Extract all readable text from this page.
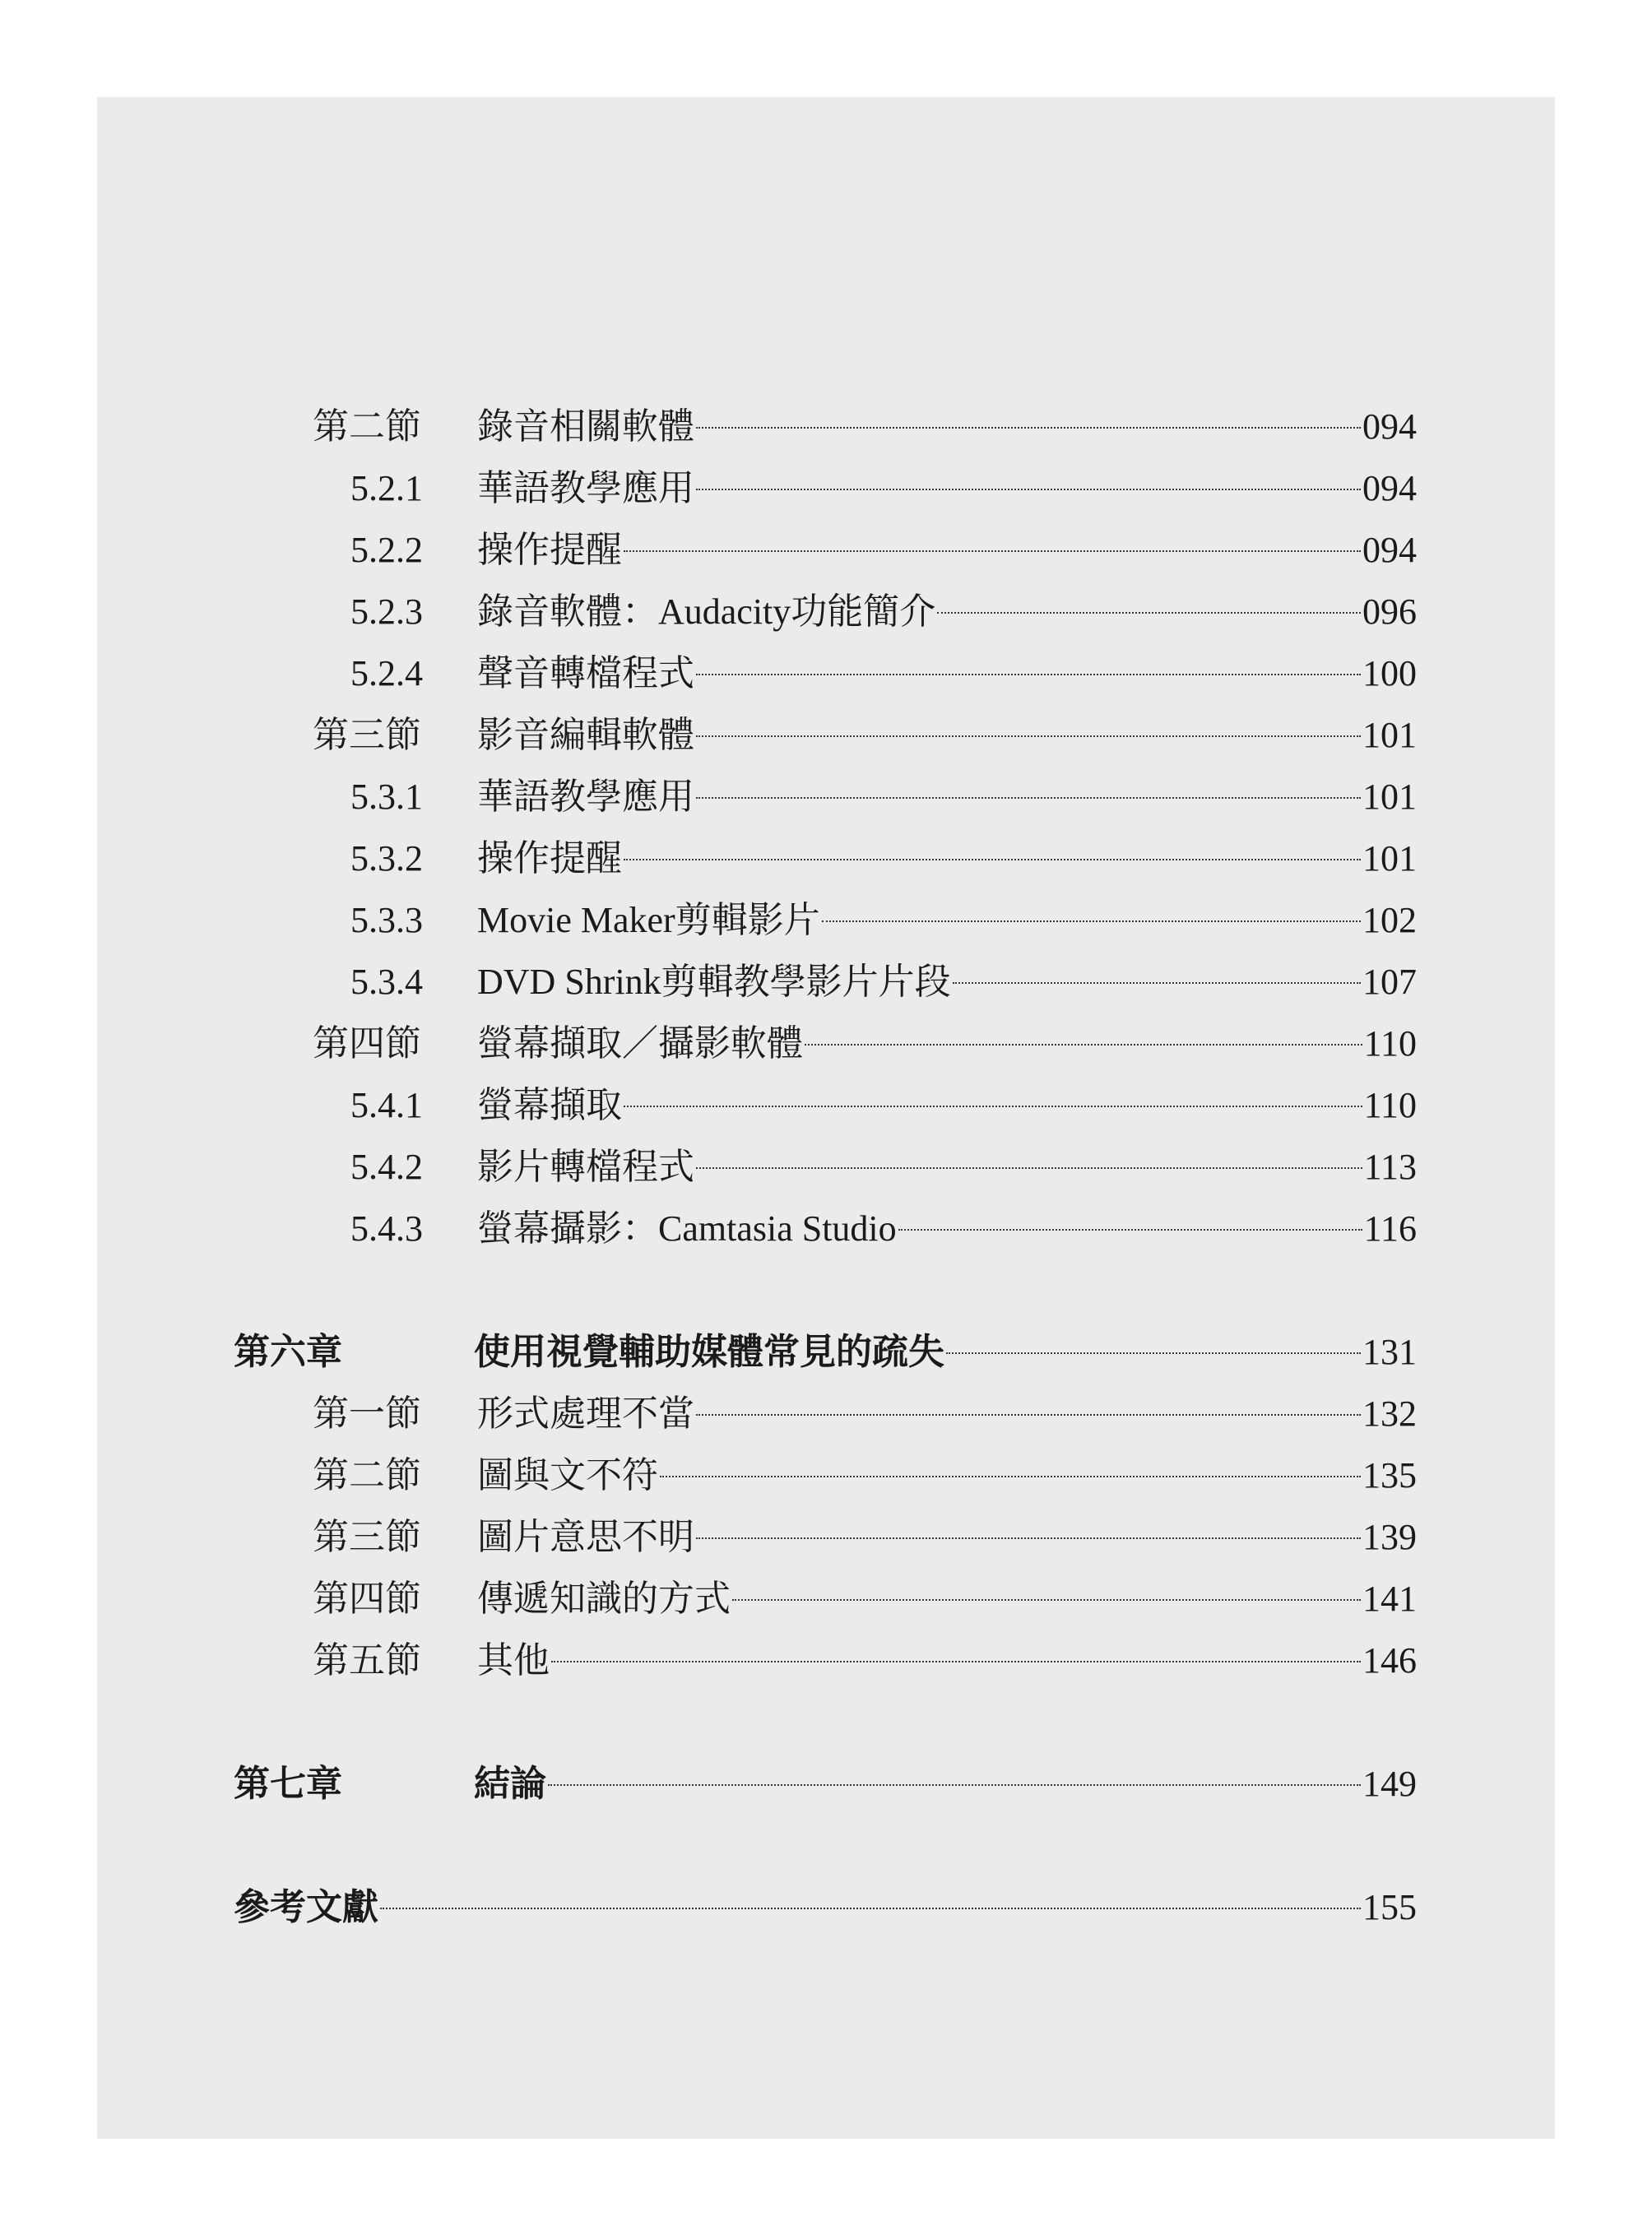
第二節 錄音相關軟體	094
5.2.1 華語教學應用	094
5.2.2 操作提醒	094
5.2.3 錄音軟體：Audacity功能簡介	096
5.2.4 聲音轉檔程式	100
第三節 影音編輯軟體	101
5.3.1 華語教學應用	101
5.3.2 操作提醒	101
5.3.3 Movie Maker剪輯影片	102
5.3.4 DVD Shrink剪輯教學影片片段	107
第四節 螢幕擷取／攝影軟體	110
5.4.1 螢幕擷取	110
5.4.2 影片轉檔程式	113
5.4.3 螢幕攝影：Camtasia Studio	116
第六章	使用視覺輔助媒體常見的疏失	131
第一節 形式處理不當	132
第二節 圖與文不符	135
第三節 圖片意思不明	139
第四節 傳遞知識的方式	141
第五節 其他	146
第七章	結論	149
參考文獻	155
